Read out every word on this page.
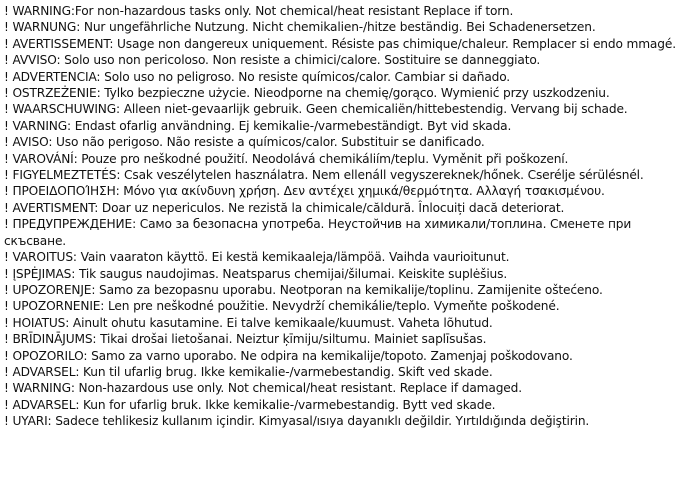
! WARNING:For non-hazardous tasks only. Not chemical/heat resistant Replace if torn.
! WARNUNG: Nur ungefährliche Nutzung. Nicht chemikalien-/hitze beständig. Bei Schadenersetzen.
! AVERTISSEMENT: Usage non dangereux uniquement. Résiste pas chimique/chaleur. Remplacer si endo mmagé.
! AVVISO: Solo uso non pericoloso. Non resiste a chimici/calore. Sostituire se danneggiato.
! ADVERTENCIA: Solo uso no peligroso. No resiste químicos/calor. Cambiar si dañado.
! OSTRZEŻENIE: Tylko bezpieczne użycie. Nieodporne na chemię/gorąco. Wymienić przy uszkodzeniu.
! WAARSCHUWING: Alleen niet-gevaarlijk gebruik. Geen chemicaliën/hittebestendig. Vervang bij schade.
! VARNING: Endast ofarlig användning. Ej kemikalie-/varmebeständigt. Byt vid skada.
! AVISO: Uso não perigoso. Não resiste a químicos/calor. Substituir se danificado.
! VAROVÁNÍ: Pouze pro neškodné použití. Neodolává chemikáliím/teplu. Vyměnit při poškození.
! FIGYELMEZTETÉS: Csak veszélytelen használatra. Nem ellenáll vegyszereknek/hőnek. Cserélje sérülésnél.
! ΠΡΟΕΙΔΟΠΟΊΗΣΗ: Μόνο για ακίνδυνη χρήση. Δεν αντέχει χημικά/θερμότητα. Αλλαγή τσακισμένου.
! AVERTISMENT: Doar uz nepericulos. Ne rezistă la chimicale/căldură. Înlocuiți dacă deteriorat.
! ПРЕДУПРЕЖДЕНИЕ: Само за безопасна употреба. Неустойчив на химикали/топлина. Сменете при скъсване.
! VAROITUS: Vain vaaraton käyttö. Ei kestä kemikaaleja/lämpöä. Vaihda vaurioitunut.
! ĮSPĖJIMAS: Tik saugus naudojimas. Neatsparus chemijai/šilumai. Keiskite suplėšius.
! UPOZORENJE: Samo za bezopasnu uporabu. Neotporan na kemikalije/toplinu. Zamijenite oštećeno.
! UPOZORNENIE: Len pre neškodné použitie. Nevydrží chemikálie/teplo. Vymeňte poškodené.
! HOIATUS: Ainult ohutu kasutamine. Ei talve kemikaale/kuumust. Vaheta lõhutud.
! BRĪDINĀJUMS: Tikai drošai lietošanai. Neiztur ķīmiju/siltumu. Mainiet saplīsušas.
! OPOZORILO: Samo za varno uporabo. Ne odpira na kemikalije/topoto. Zamenjaj poškodovano.
! ADVARSEL: Kun til ufarlig brug. Ikke kemikalie-/varmebestandig. Skift ved skade.
! WARNING: Non-hazardous use only. Not chemical/heat resistant. Replace if damaged.
! ADVARSEL: Kun for ufarlig bruk. Ikke kemikalie-/varmebestandig. Bytt ved skade.
! UYARI: Sadece tehlikesiz kullanım içindir. Kimyasal/ısıya dayanıklı değildir. Yırtıldığında değiştirin.
